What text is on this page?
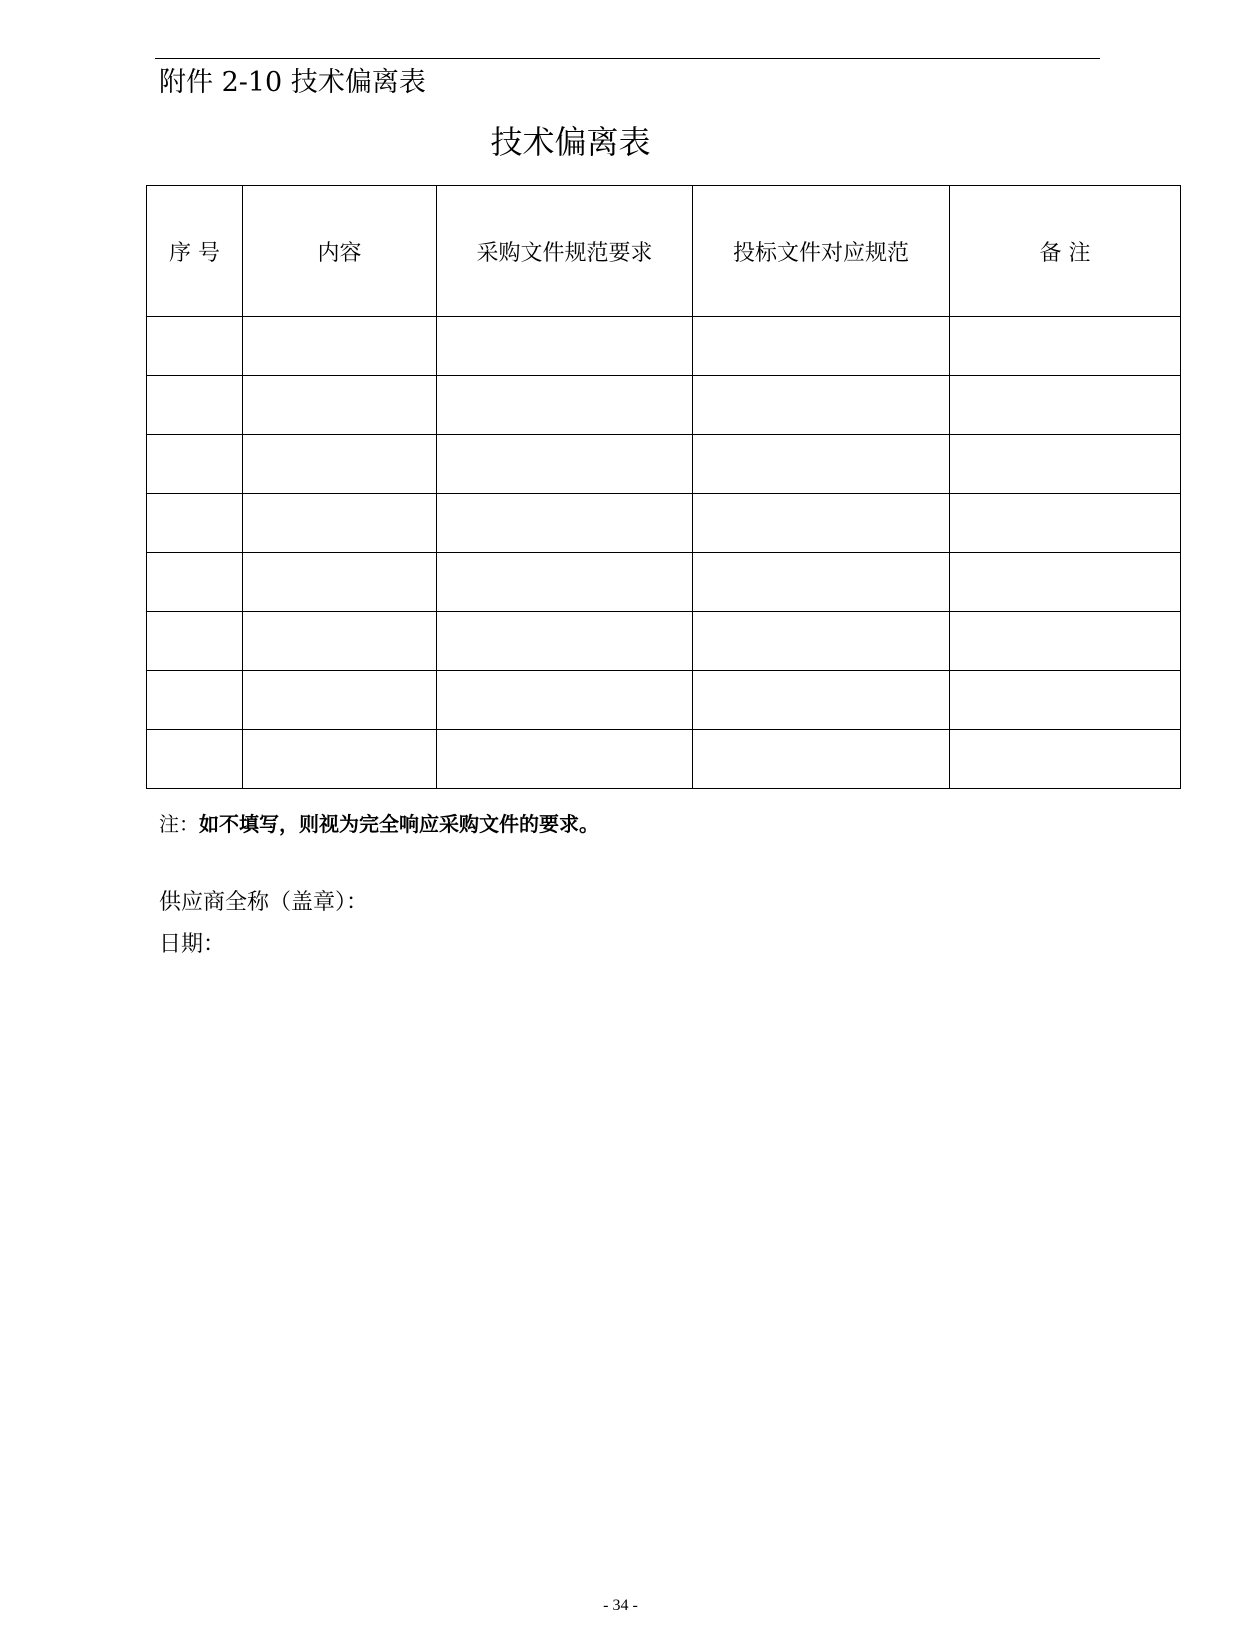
附件 2-10 技术偏离表
技术偏离表
序 号	内容	采购文件规范要求	投标文件对应规范	备 注

注：如不填写，则视为完全响应采购文件的要求。
供应商全称（盖章）：
日期：
- 34 -
